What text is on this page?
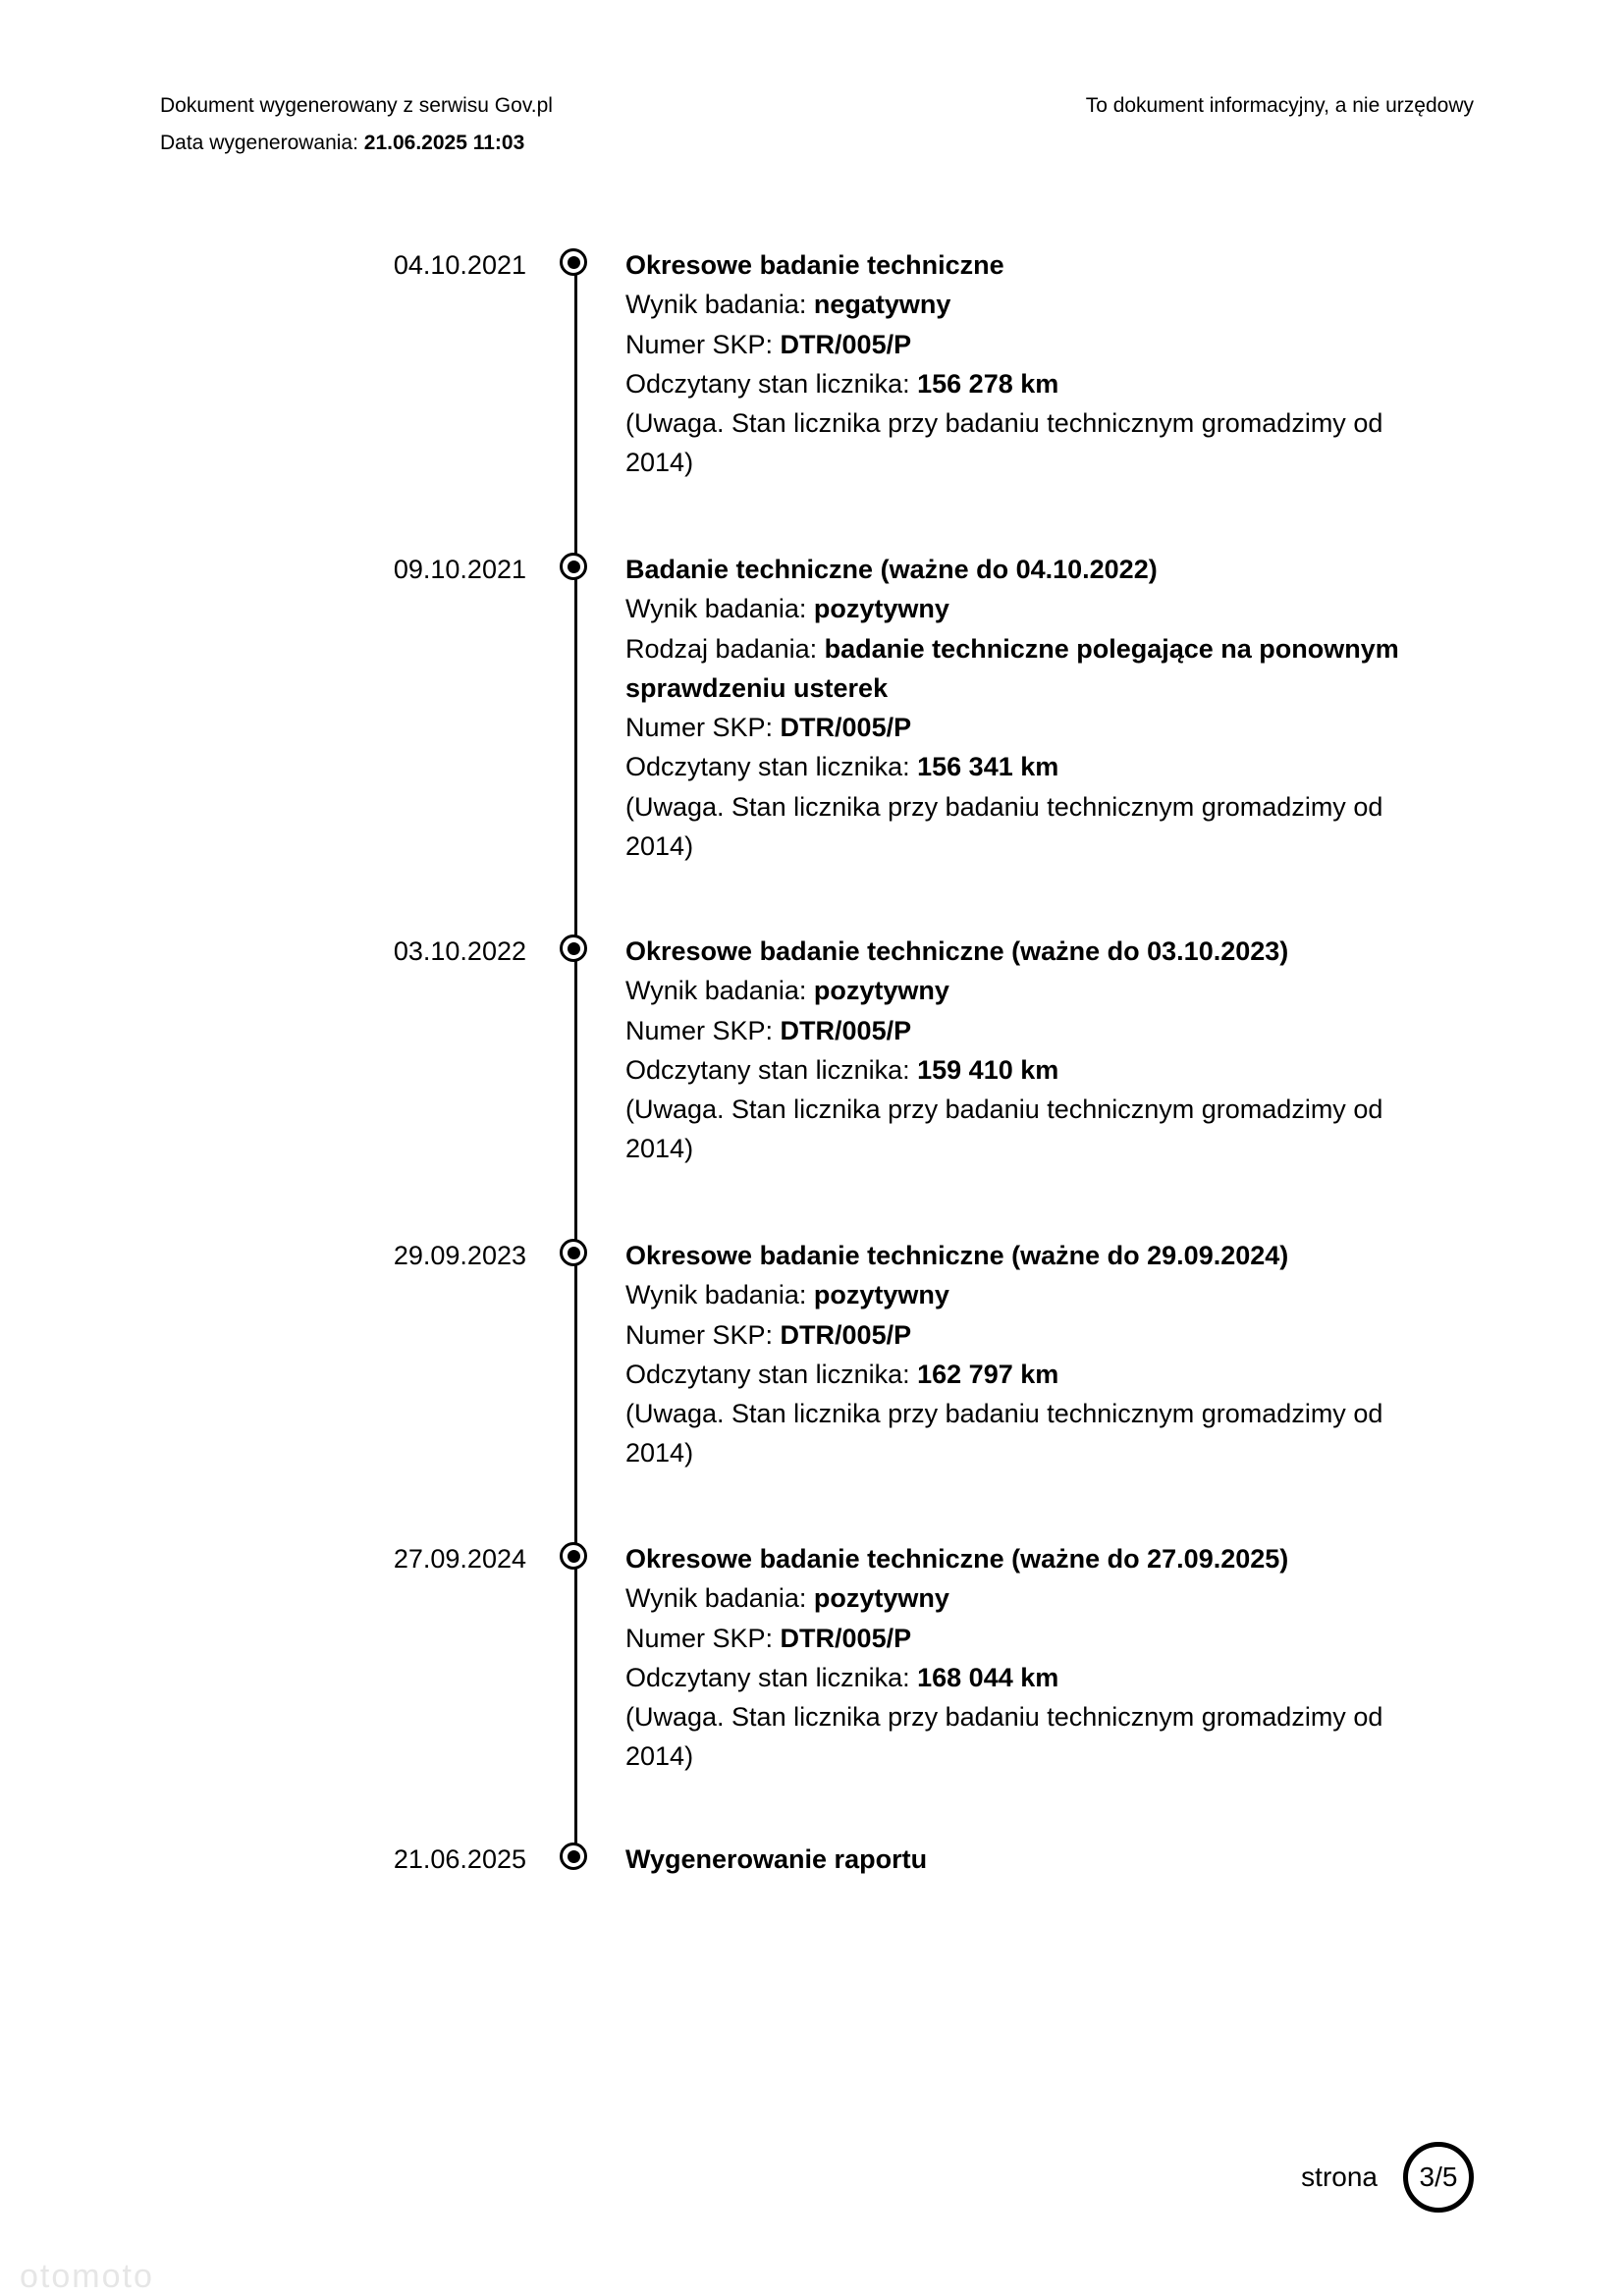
Dokument wygenerowany z serwisu Gov.pl
Data wygenerowania: 21.06.2025 11:03
To dokument informacyjny, a nie urzędowy
04.10.2021	Okresowe badanie techniczne
Wynik badania: negatywny
Numer SKP: DTR/005/P
Odczytany stan licznika: 156 278 km
(Uwaga. Stan licznika przy badaniu technicznym gromadzimy od 2014)
09.10.2021	Badanie techniczne (ważne do 04.10.2022)
Wynik badania: pozytywny
Rodzaj badania: badanie techniczne polegające na ponownym sprawdzeniu usterek
Numer SKP: DTR/005/P
Odczytany stan licznika: 156 341 km
(Uwaga. Stan licznika przy badaniu technicznym gromadzimy od 2014)
03.10.2022	Okresowe badanie techniczne (ważne do 03.10.2023)
Wynik badania: pozytywny
Numer SKP: DTR/005/P
Odczytany stan licznika: 159 410 km
(Uwaga. Stan licznika przy badaniu technicznym gromadzimy od 2014)
29.09.2023	Okresowe badanie techniczne (ważne do 29.09.2024)
Wynik badania: pozytywny
Numer SKP: DTR/005/P
Odczytany stan licznika: 162 797 km
(Uwaga. Stan licznika przy badaniu technicznym gromadzimy od 2014)
27.09.2024	Okresowe badanie techniczne (ważne do 27.09.2025)
Wynik badania: pozytywny
Numer SKP: DTR/005/P
Odczytany stan licznika: 168 044 km
(Uwaga. Stan licznika przy badaniu technicznym gromadzimy od 2014)
21.06.2025	Wygenerowanie raportu
strona 3/5
otomoto
